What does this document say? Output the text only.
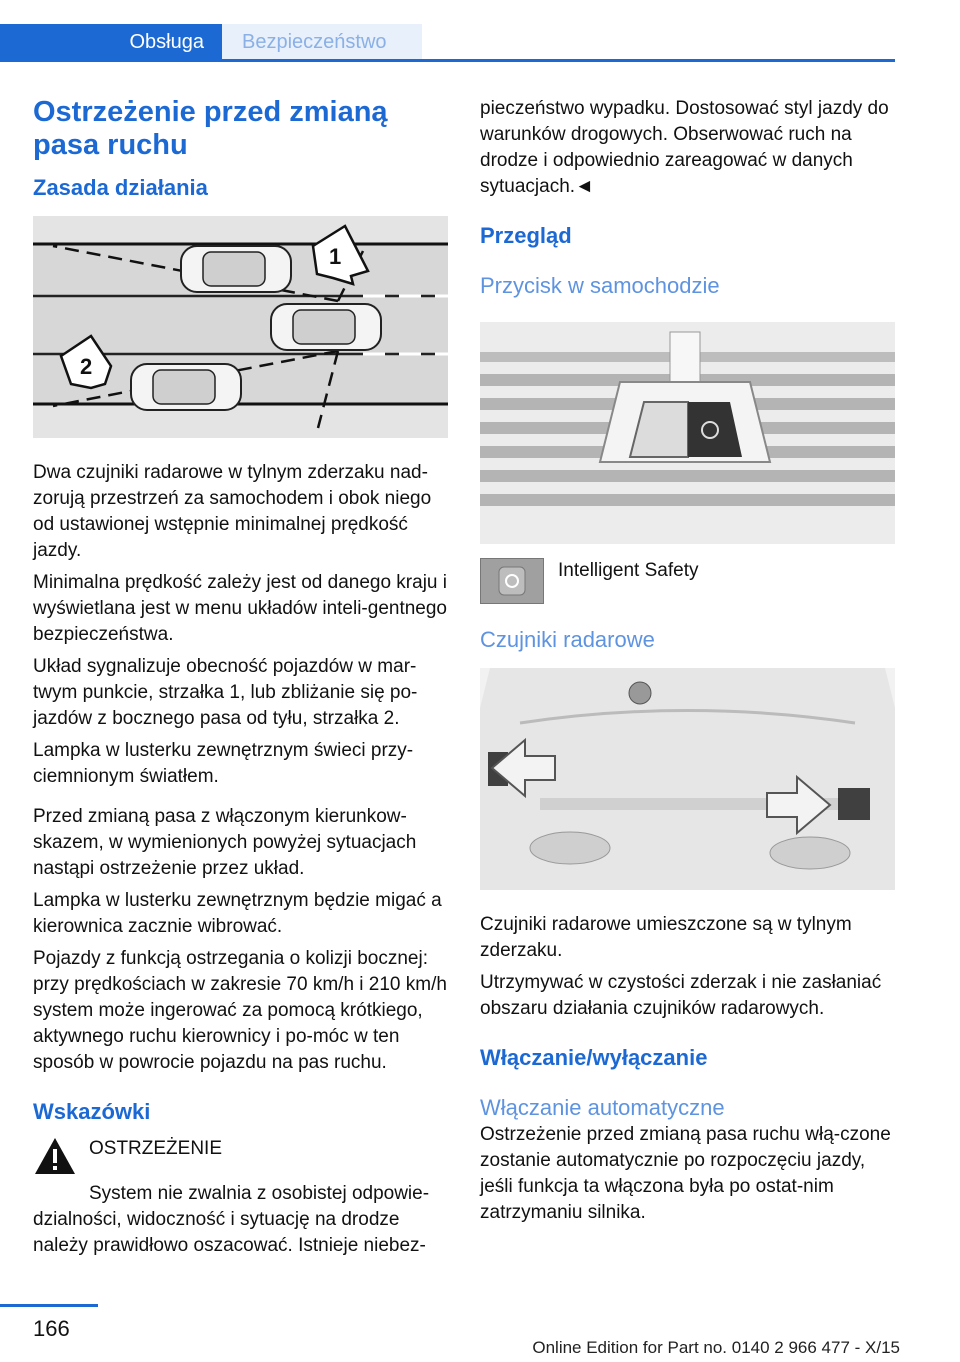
Obsługa	Bezpieczeństwo
Ostrzeżenie przed zmianą pasa ruchu
Zasada działania
1
2

Dwa czujniki radarowe w tylnym zderzaku nad-zorują przestrzeń za samochodem i obok niego od ustawionej wstępnie minimalnej prędkość jazdy.

Minimalna prędkość zależy jest od danego kraju i wyświetlana jest w menu układów inteli-gentnego bezpieczeństwa.

Układ sygnalizuje obecność pojazdów w mar-twym punkcie, strzałka 1, lub zbliżanie się po-jazdów z bocznego pasa od tyłu, strzałka 2.

Lampka w lusterku zewnętrznym świeci przy-ciemnionym światłem.

Przed zmianą pasa z włączonym kierunkow-skazem, w wymienionych powyżej sytuacjach nastąpi ostrzeżenie przez układ.

Lampka w lusterku zewnętrznym będzie migać a kierownica zacznie wibrować.

Pojazdy z funkcją ostrzegania o kolizji bocznej: przy prędkościach w zakresie 70 km/h i 210 km/h system może ingerować za pomocą krótkiego, aktywnego ruchu kierownicy i po-móc w ten sposób w powrocie pojazdu na pas ruchu.

Wskazówki
OSTRZEŻENIE

System nie zwalnia z osobistej odpowie-dzialności, widoczność i sytuację na drodze należy prawidłowo oszacować. Istnieje niebez-

pieczeństwo wypadku. Dostosować styl jazdy do warunków drogowych. Obserwować ruch na drodze i odpowiednio zareagować w danych sytuacjach.◄

Przegląd
Przycisk w samochodzie

Intelligent Safety

Czujniki radarowe

Czujniki radarowe umieszczone są w tylnym zderzaku.

Utrzymywać w czystości zderzak i nie zasłaniać obszaru działania czujników radarowych.

Włączanie/wyłączanie
Włączanie automatyczne

Ostrzeżenie przed zmianą pasa ruchu włą-czone zostanie automatycznie po rozpoczęciu jazdy, jeśli funkcja ta włączona była po ostat-nim zatrzymaniu silnika.

166
Online Edition for Part no. 0140 2 966 477 - X/15
